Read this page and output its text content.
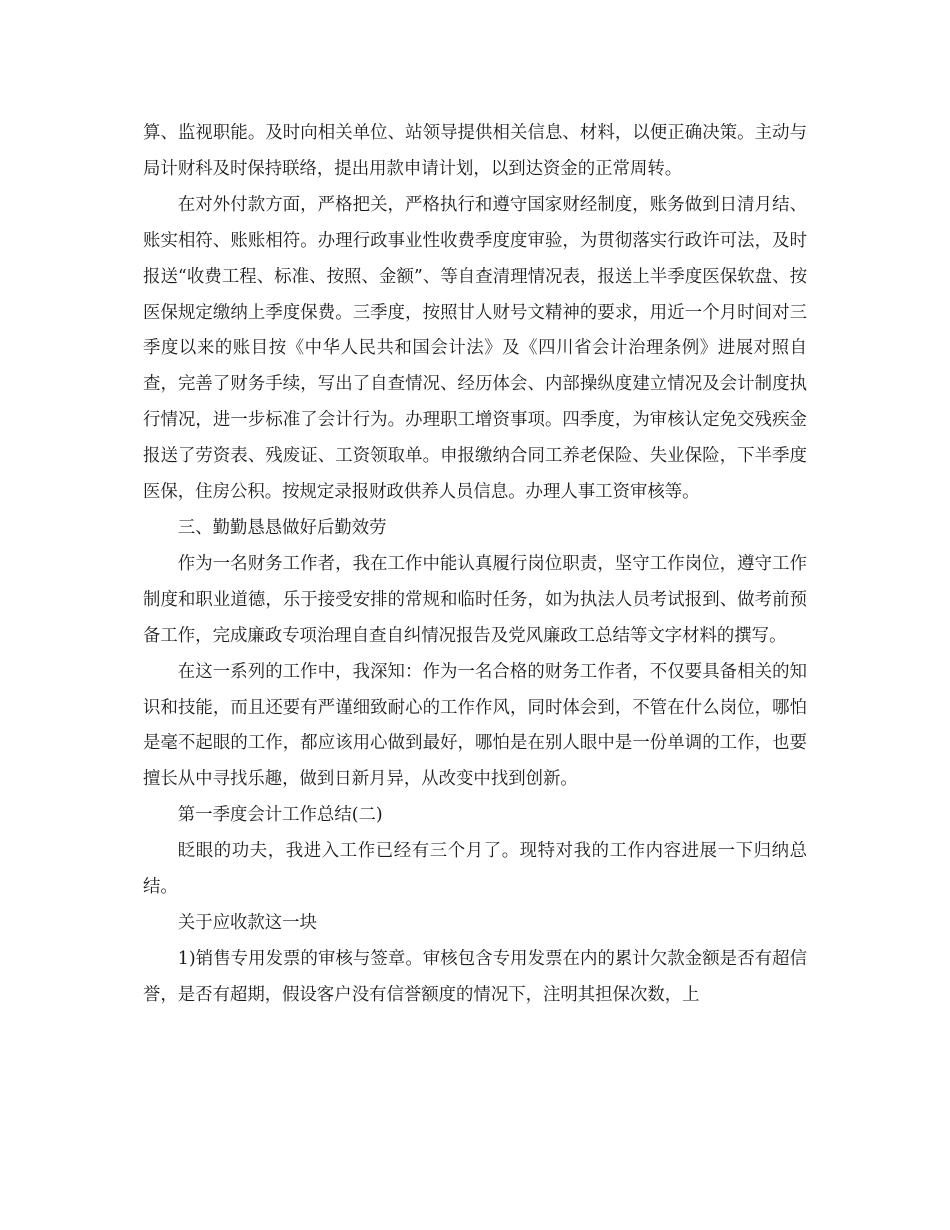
算、监视职能。及时向相关单位、站领导提供相关信息、材料，以便正确决策。主动与局计财科及时保持联络，提出用款申请计划，以到达资金的正常周转。

在对外付款方面，严格把关，严格执行和遵守国家财经制度，账务做到日清月结、账实相符、账账相符。办理行政事业性收费季度度审验，为贯彻落实行政许可法，及时报送“收费工程、标准、按照、金额”、等自查清理情况表，报送上半季度医保软盘、按医保规定缴纳上季度保费。三季度，按照甘人财号文精神的要求，用近一个月时间对三季度以来的账目按《中华人民共和国会计法》及《四川省会计治理条例》进展对照自查，完善了财务手续，写出了自查情况、经历体会、内部操纵度建立情况及会计制度执行情况，进一步标准了会计行为。办理职工增资事项。四季度，为审核认定免交残疾金报送了劳资表、残废证、工资领取单。申报缴纳合同工养老保险、失业保险，下半季度医保，住房公积。按规定录报财政供养人员信息。办理人事工资审核等。

三、勤勤恳恳做好后勤效劳

作为一名财务工作者，我在工作中能认真履行岗位职责，坚守工作岗位，遵守工作制度和职业道德，乐于接受安排的常规和临时任务，如为执法人员考试报到、做考前预备工作，完成廉政专项治理自查自纠情况报告及党风廉政工总结等文字材料的撰写。

在这一系列的工作中，我深知：作为一名合格的财务工作者，不仅要具备相关的知识和技能，而且还要有严谨细致耐心的工作作风，同时体会到，不管在什么岗位，哪怕是毫不起眼的工作，都应该用心做到最好，哪怕是在别人眼中是一份单调的工作，也要擅长从中寻找乐趣，做到日新月异，从改变中找到创新。

第一季度会计工作总结(二)

眨眼的功夫，我进入工作已经有三个月了。现特对我的工作内容进展一下归纳总结。

关于应收款这一块

1)销售专用发票的审核与签章。审核包含专用发票在内的累计欠款金额是否有超信誉，是否有超期，假设客户没有信誉额度的情况下，注明其担保次数，上
